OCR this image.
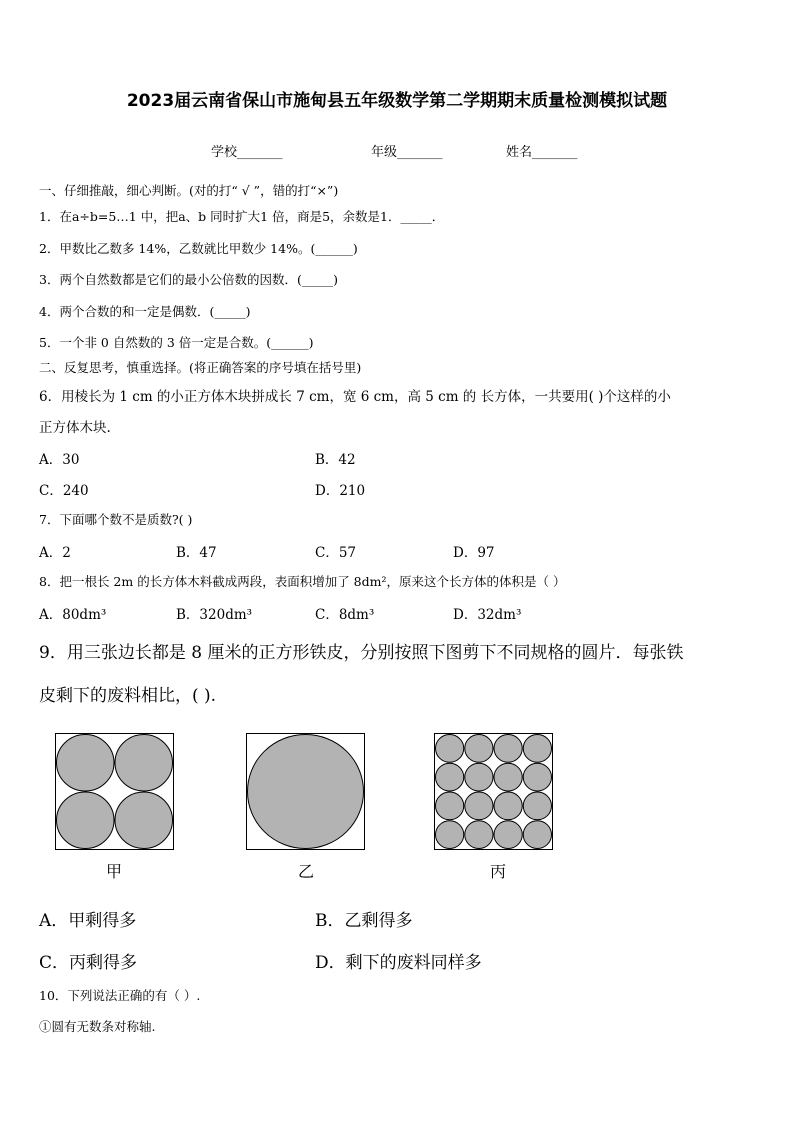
2023届云南省保山市施甸县五年级数学第二学期期末质量检测模拟试题
学校_______	年级_______	姓名_______
一、仔细推敲，细心判断。(对的打“ √ ”，错的打“×”)
1．在a÷b=5…1 中，把a、b 同时扩大1 倍，商是5，余数是1．_____．
2．甲数比乙数多 14%，乙数就比甲数少 14%。(______)
3．两个自然数都是它们的最小公倍数的因数．(_____)
4．两个合数的和一定是偶数．(_____)
5．一个非 0 自然数的 3 倍一定是合数。(______)
二、反复思考，慎重选择。(将正确答案的序号填在括号里)
6．用棱长为 1 cm 的小正方体木块拼成长 7 cm，宽 6 cm，高 5 cm 的 长方体，一共要用( )个这样的小
正方体木块.
A．30	B．42
C．240	D．210
7．下面哪个数不是质数?( )
A．2	B．47	C．57	D．97
8．把一根长 2m 的长方体木料截成两段，表面积增加了 8dm²，原来这个长方体的体积是（ ）
A．80dm³	B．320dm³	C．8dm³	D．32dm³
9．用三张边长都是 8 厘米的正方形铁皮，分别按照下图剪下不同规格的圆片．每张铁
皮剩下的废料相比，( ).
甲	乙	丙
A．甲剩得多	B．乙剩得多
C．丙剩得多	D．剩下的废料同样多
10．下列说法正确的有（ ）.
①圆有无数条对称轴.
